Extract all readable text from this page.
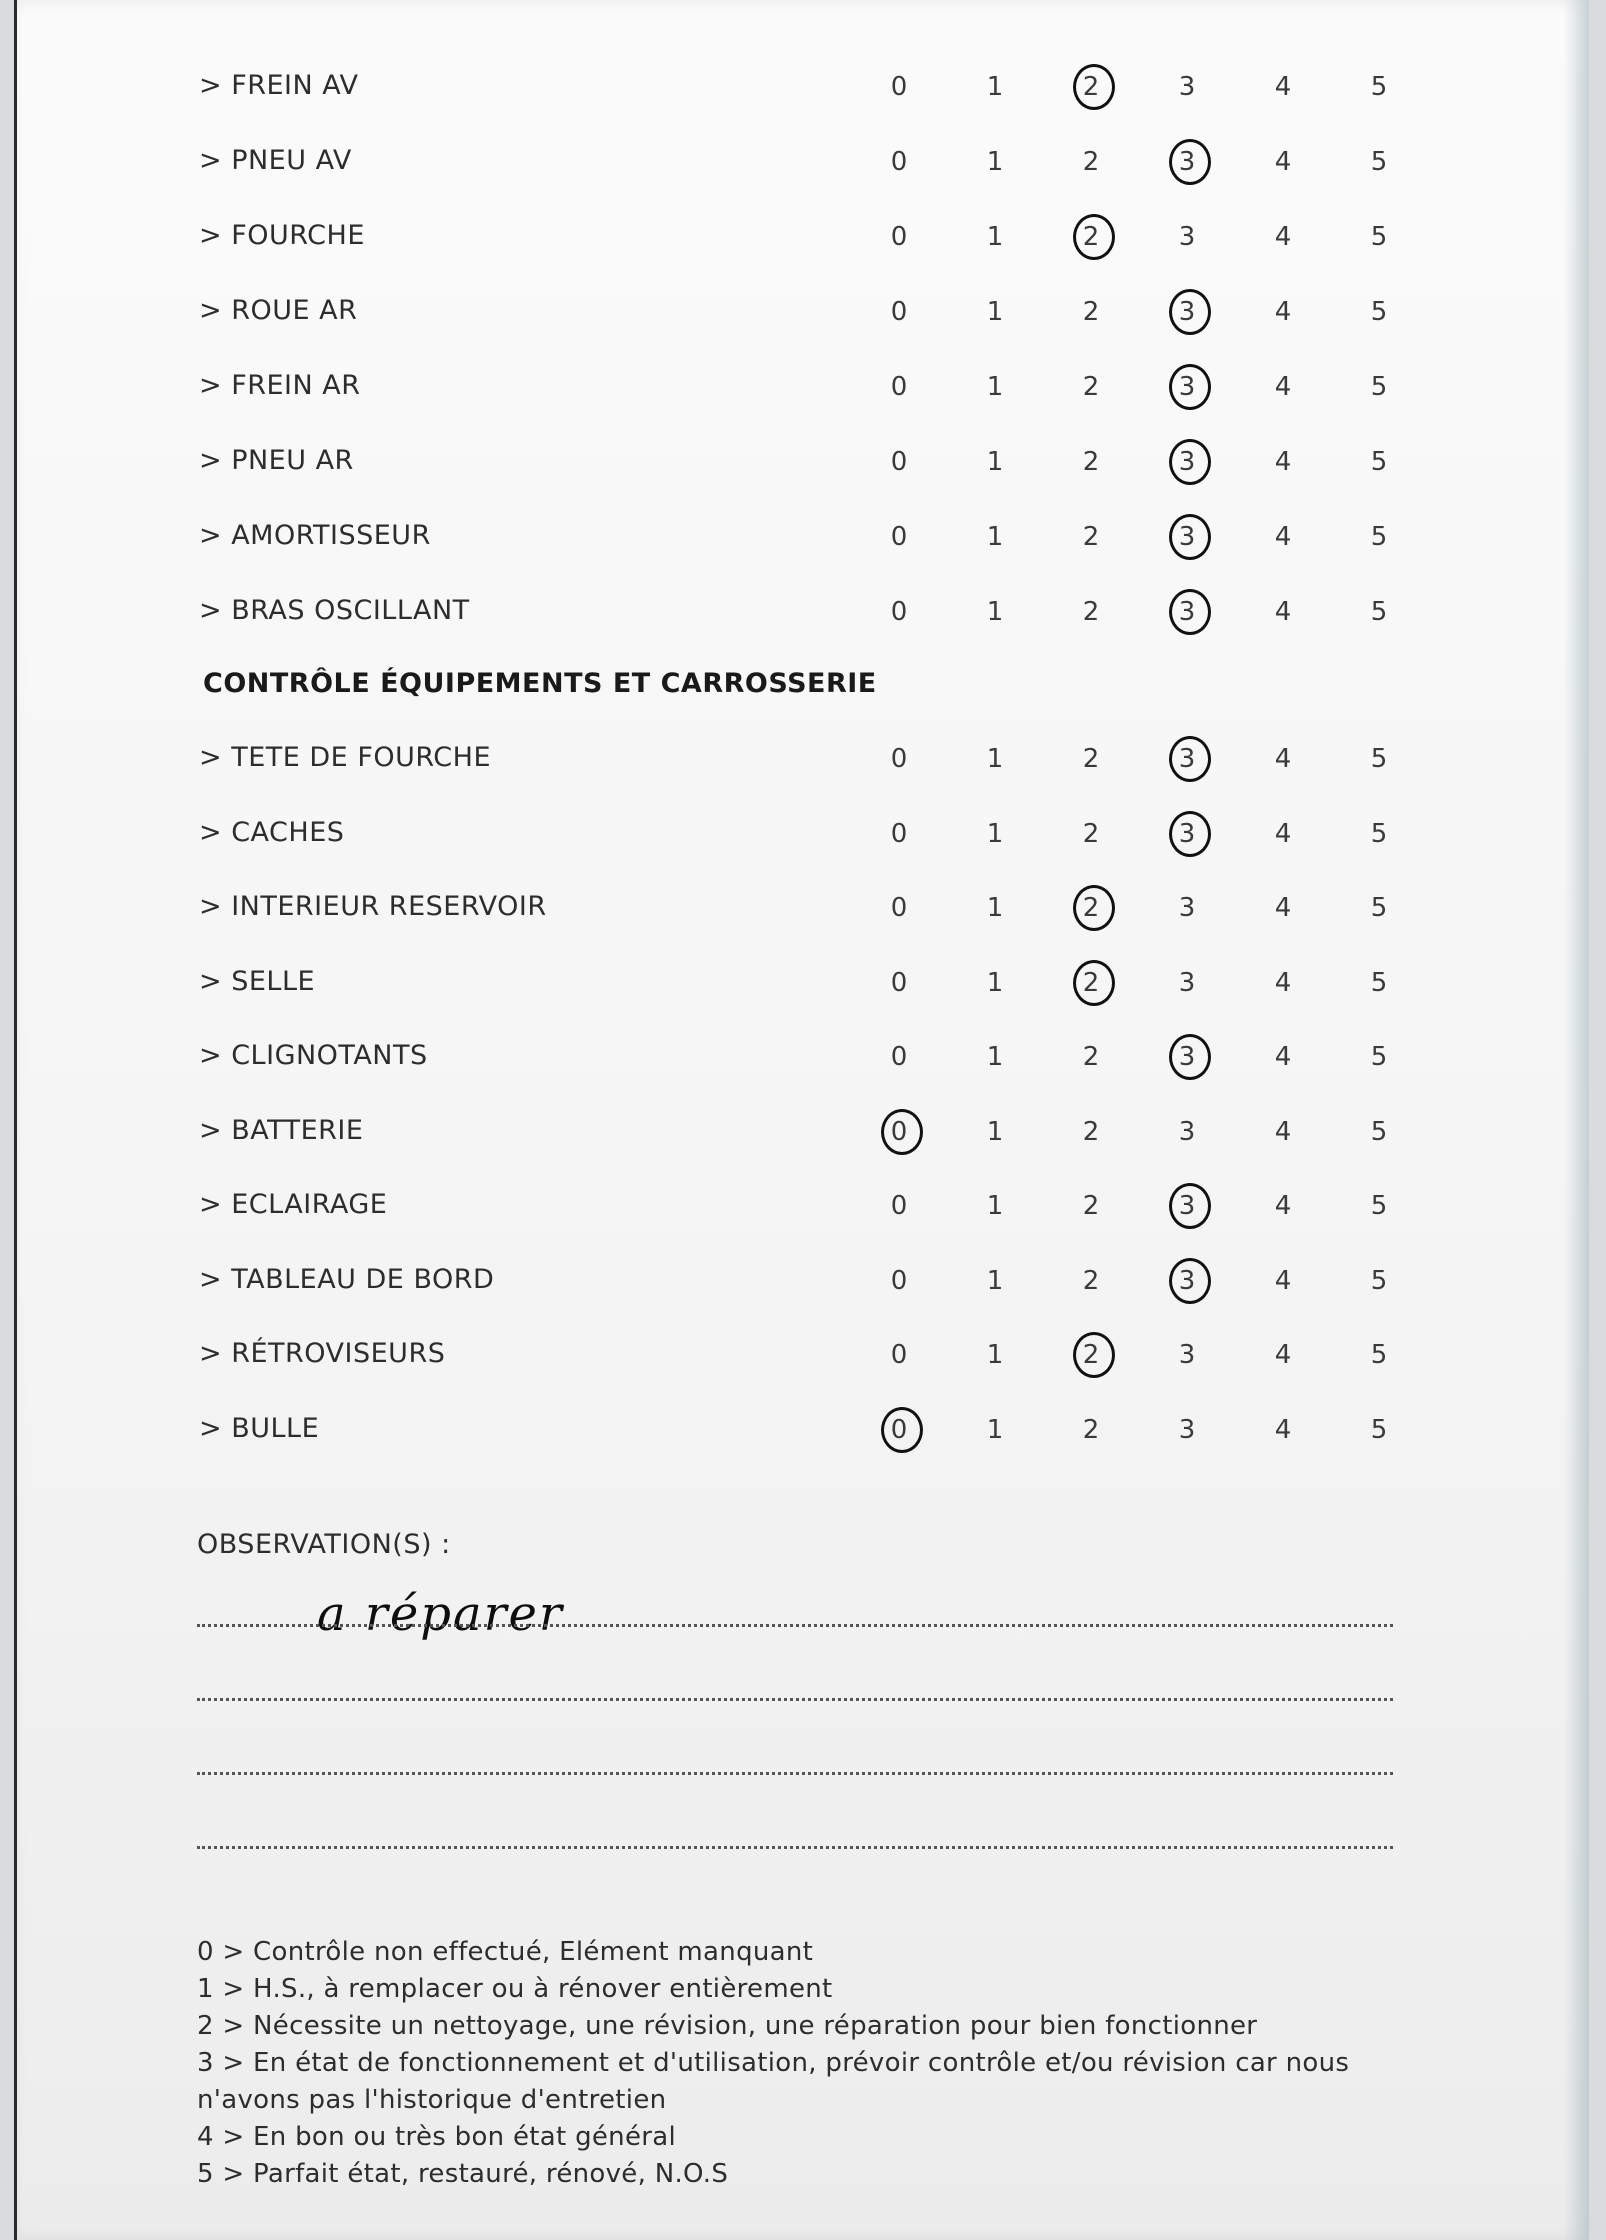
> FREIN AV	0	1	2	3	4	5
> PNEU AV	0	1	2	3	4	5
> FOURCHE	0	1	2	3	4	5
> ROUE AR	0	1	2	3	4	5
> FREIN AR	0	1	2	3	4	5
> PNEU AR	0	1	2	3	4	5
> AMORTISSEUR	0	1	2	3	4	5
> BRAS OSCILLANT	0	1	2	3	4	5
> TETE DE FOURCHE	0	1	2	3	4	5
> CACHES	0	1	2	3	4	5
> INTERIEUR RESERVOIR	0	1	2	3	4	5
> SELLE	0	1	2	3	4	5
> CLIGNOTANTS	0	1	2	3	4	5
> BATTERIE	0	1	2	3	4	5
> ECLAIRAGE	0	1	2	3	4	5
> TABLEAU DE BORD	0	1	2	3	4	5
> RÉTROVISEURS	0	1	2	3	4	5
> BULLE	0	1	2	3	4	5
CONTRÔLE ÉQUIPEMENTS ET CARROSSERIE
OBSERVATION(S) :
a réparer
0 > Contrôle non effectué, Elément manquant
1 > H.S., à remplacer ou à rénover entièrement
2 > Nécessite un nettoyage, une révision, une réparation pour bien fonctionner
3 > En état de fonctionnement et d'utilisation, prévoir contrôle et/ou révision car nous n'avons pas l'historique d'entretien
4 > En bon ou très bon état général
5 > Parfait état, restauré, rénové, N.O.S
